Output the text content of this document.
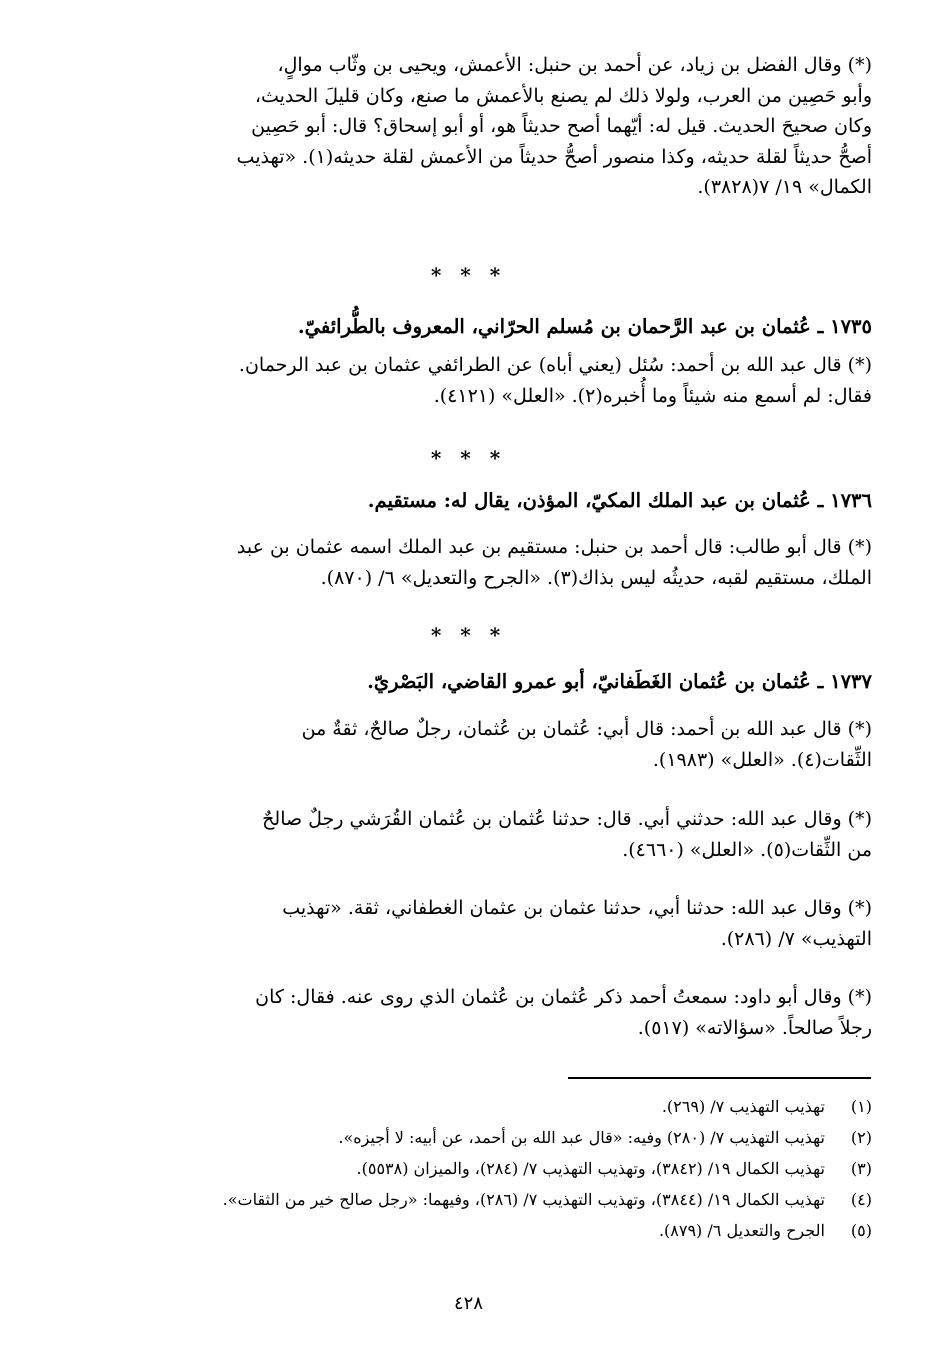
(*) وقال الفضل بن زياد، عن أحمد بن حنبل: الأعمش، ويحيى بن وثّاب موالٍ،
وأبو حَصِين من العرب، ولولا ذلك لم يصنع بالأعمش ما صنع، وكان قليلَ الحديث،
وكان صحيحَ الحديث. قيل له: أيّهما أصح حديثاً هو، أو أبو إسحاق؟ قال: أبو حَصِين
أصحُّ حديثاً لقلة حديثه، وكذا منصور أصحُّ حديثاً من الأعمش لقلة حديثه(١). «تهذيب
الكمال» ١٩/ ٧(٣٨٢٨).
* * *
١٧٣٥ ـ عُثمان بن عبد الرَّحمان بن مُسلم الحرّاني، المعروف بالطُّرائفيّ.
(*) قال عبد الله بن أحمد: سُئل (يعني أباه) عن الطرائفي عثمان بن عبد الرحمان.
فقال: لم أسمع منه شيئاً وما أُخبره(٢). «العلل» (٤١٢١).
* * *
١٧٣٦ ـ عُثمان بن عبد الملك المكيّ، المؤذن، يقال له: مستقيم.
(*) قال أبو طالب: قال أحمد بن حنبل: مستقيم بن عبد الملك اسمه عثمان بن عبد
الملك، مستقيم لقبه، حديثُه ليس بذاك(٣). «الجرح والتعديل» ٦/ (٨٧٠).
* * *
١٧٣٧ ـ عُثمان بن عُثمان الغَطَفانيّ، أبو عمرو القاضي، البَصْريّ.
(*) قال عبد الله بن أحمد: قال أبي: عُثمان بن عُثمان، رجلٌ صالحٌ، ثقةٌ من
الثِّقات(٤). «العلل» (١٩٨٣).
(*) وقال عبد الله: حدثني أبي. قال: حدثنا عُثمان بن عُثمان القُرَشي رجلٌ صالحٌ
من الثِّقات(٥). «العلل» (٤٦٦٠).
(*) وقال عبد الله: حدثنا أبي، حدثنا عثمان بن عثمان الغطفاني، ثقة. «تهذيب
التهذيب» ٧/ (٢٨٦).
(*) وقال أبو داود: سمعتُ أحمد ذكر عُثمان بن عُثمان الذي روى عنه. فقال: كان
رجلاً صالحاً. «سؤالاته» (٥١٧).
(١) تهذيب التهذيب ٧/ (٢٦٩).
(٢) تهذيب التهذيب ٧/ (٢٨٠) وفيه: «قال عبد الله بن أحمد، عن أبيه: لا أجيزه».
(٣) تهذيب الكمال ١٩/ (٣٨٤٢)، وتهذيب التهذيب ٧/ (٢٨٤)، والميزان (٥٥٣٨).
(٤) تهذيب الكمال ١٩/ (٣٨٤٤)، وتهذيب التهذيب ٧/ (٢٨٦)، وفيهما: «رجل صالح خير من الثقات».
(٥) الجرح والتعديل ٦/ (٨٧٩).
٤٢٨
